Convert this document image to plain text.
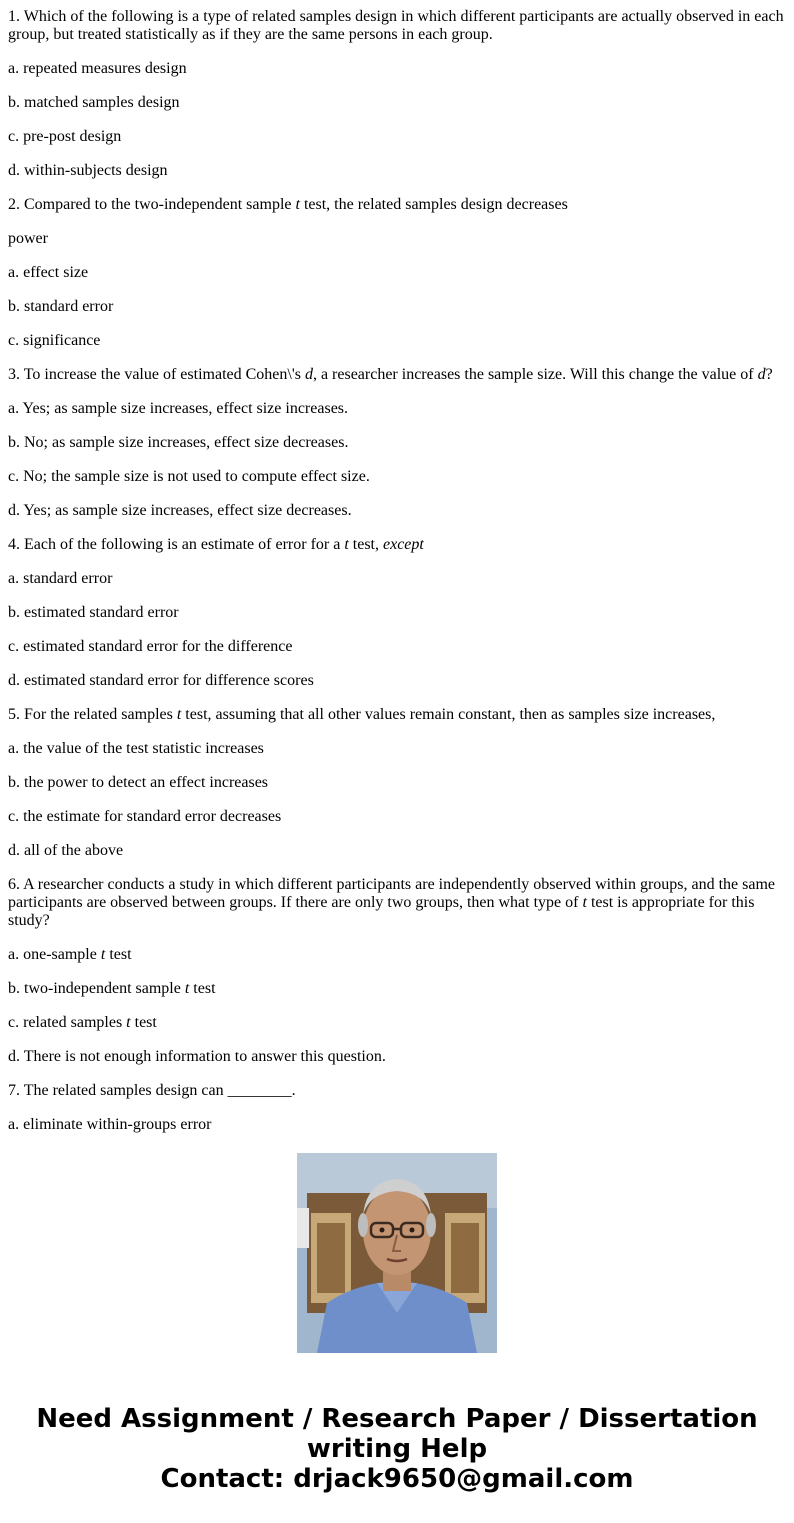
1. Which of the following is a type of related samples design in which different participants are actually observed in each group, but treated statistically as if they are the same persons in each group.

a. repeated measures design

b. matched samples design

c. pre-post design

d. within-subjects design

2. Compared to the two-independent sample t test, the related samples design decreases

power

a. effect size

b. standard error

c. significance

3. To increase the value of estimated Cohen\'s d, a researcher increases the sample size. Will this change the value of d?

a. Yes; as sample size increases, effect size increases.

b. No; as sample size increases, effect size decreases.

c. No; the sample size is not used to compute effect size.

d. Yes; as sample size increases, effect size decreases.

4. Each of the following is an estimate of error for a t test, except

a. standard error

b. estimated standard error

c. estimated standard error for the difference

d. estimated standard error for difference scores

5. For the related samples t test, assuming that all other values remain constant, then as samples size increases,

a. the value of the test statistic increases

b. the power to detect an effect increases

c. the estimate for standard error decreases

d. all of the above

6. A researcher conducts a study in which different participants are independently observed within groups, and the same participants are observed between groups. If there are only two groups, then what type of t test is appropriate for this study?

a. one-sample t test

b. two-independent sample t test

c. related samples t test

d. There is not enough information to answer this question.

7. The related samples design can ________.

a. eliminate within-groups error

Need Assignment / Research Paper / Dissertation
writing Help
Contact: drjack9650@gmail.com
